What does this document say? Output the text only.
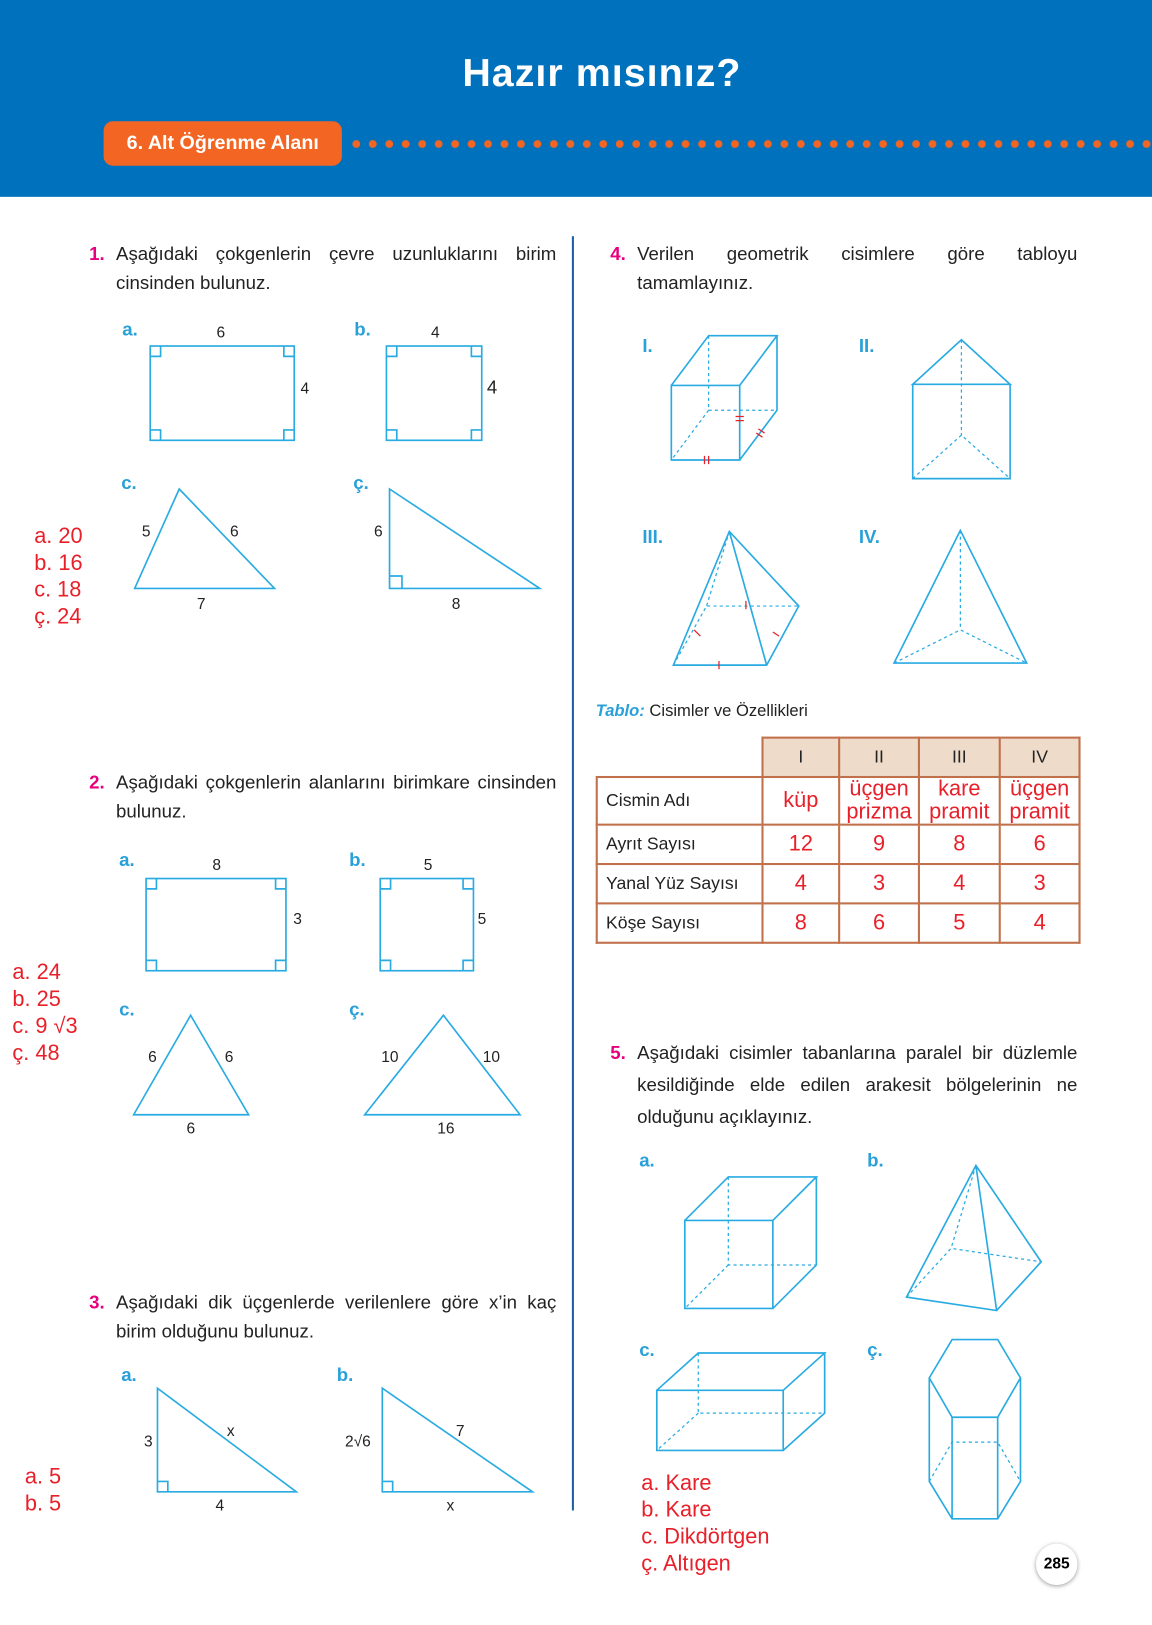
Hazır mısınız?
6. Alt Öğrenme Alanı
1. Aşağıdaki çokgenlerin çevre uzunluklarını birim cinsinden bulunuz.
2. Aşağıdaki çokgenlerin alanlarını birimkare cinsinden bulunuz.
3. Aşağıdaki dik üçgenlerde verilenlere göre x’in kaç birim olduğunu bulunuz.
4. Verilen geometrik cisimlere göre tabloyu tamamlayınız.
5. Aşağıdaki cisimler tabanlarına paralel bir düzlemle kesildiğinde elde edilen arakesit bölgelerinin ne olduğunu açıklayınız.
a. 20
b. 16
c. 18
ç. 24
a. 24
b. 25
c. 9 √3
ç. 48
a. 5
b. 5
a. Kare
b. Kare
c. Dikdörtgen
ç. Altıgen
a.	6
4
b.	4
4
c.
5	6
7
ç.
6
8
a.	8
3
b.	5
5
c.
6	6
6
ç.
10	10
16
a.
3
x
4
b.
2√6
7
x
I.	II.
III.	IV.
a.	b.
c.	ç.
Tablo: Cisimler ve Özellikleri
	I	II	III	IV
Cismin Adı	küp	üçgen prizma	kare pramit	üçgen pramit
Ayrıt Sayısı	12	9	8	6
Yanal Yüz Sayısı	4	3	4	3
Köşe Sayısı	8	6	5	4
285
